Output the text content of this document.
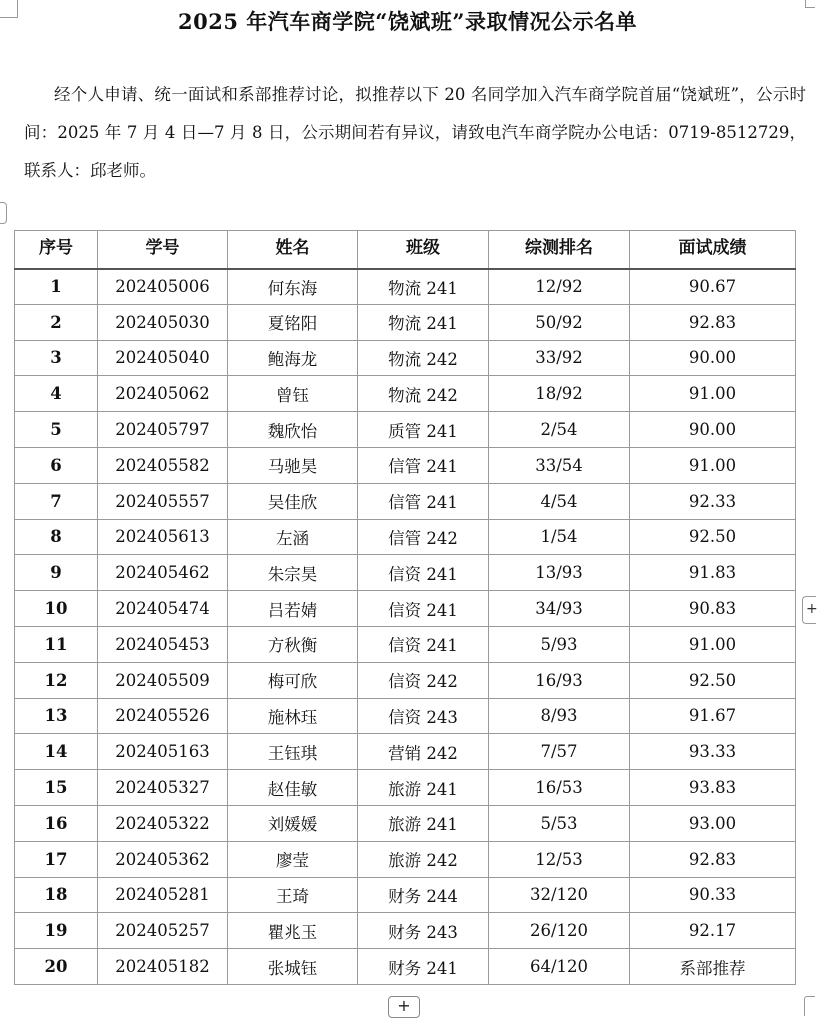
2025 年汽车商学院“饶斌班”录取情况公示名单

经个人申请、统一面试和系部推荐讨论，拟推荐以下 20 名同学加入汽车商学院首届“饶斌班”，公示时间：2025 年 7 月 4 日—7 月 8 日，公示期间若有异议，请致电汽车商学院办公电话：0719-8512729，联系人：邱老师。

序号	学号	姓名	班级	综测排名	面试成绩
1	202405006	何东海	物流 241	12/92	90.67
2	202405030	夏铭阳	物流 241	50/92	92.83
3	202405040	鲍海龙	物流 242	33/92	90.00
4	202405062	曾钰	物流 242	18/92	91.00
5	202405797	魏欣怡	质管 241	2/54	90.00
6	202405582	马驰昊	信管 241	33/54	91.00
7	202405557	吴佳欣	信管 241	4/54	92.33
8	202405613	左涵	信管 242	1/54	92.50
9	202405462	朱宗昊	信资 241	13/93	91.83
10	202405474	吕若婧	信资 241	34/93	90.83
11	202405453	方秋衡	信资 241	5/93	91.00
12	202405509	梅可欣	信资 242	16/93	92.50
13	202405526	施林珏	信资 243	8/93	91.67
14	202405163	王钰琪	营销 242	7/57	93.33
15	202405327	赵佳敏	旅游 241	16/53	93.83
16	202405322	刘媛媛	旅游 241	5/53	93.00
17	202405362	廖莹	旅游 242	12/53	92.83
18	202405281	王琦	财务 244	32/120	90.33
19	202405257	瞿兆玉	财务 243	26/120	92.17
20	202405182	张城钰	财务 241	64/120	系部推荐
+
+
